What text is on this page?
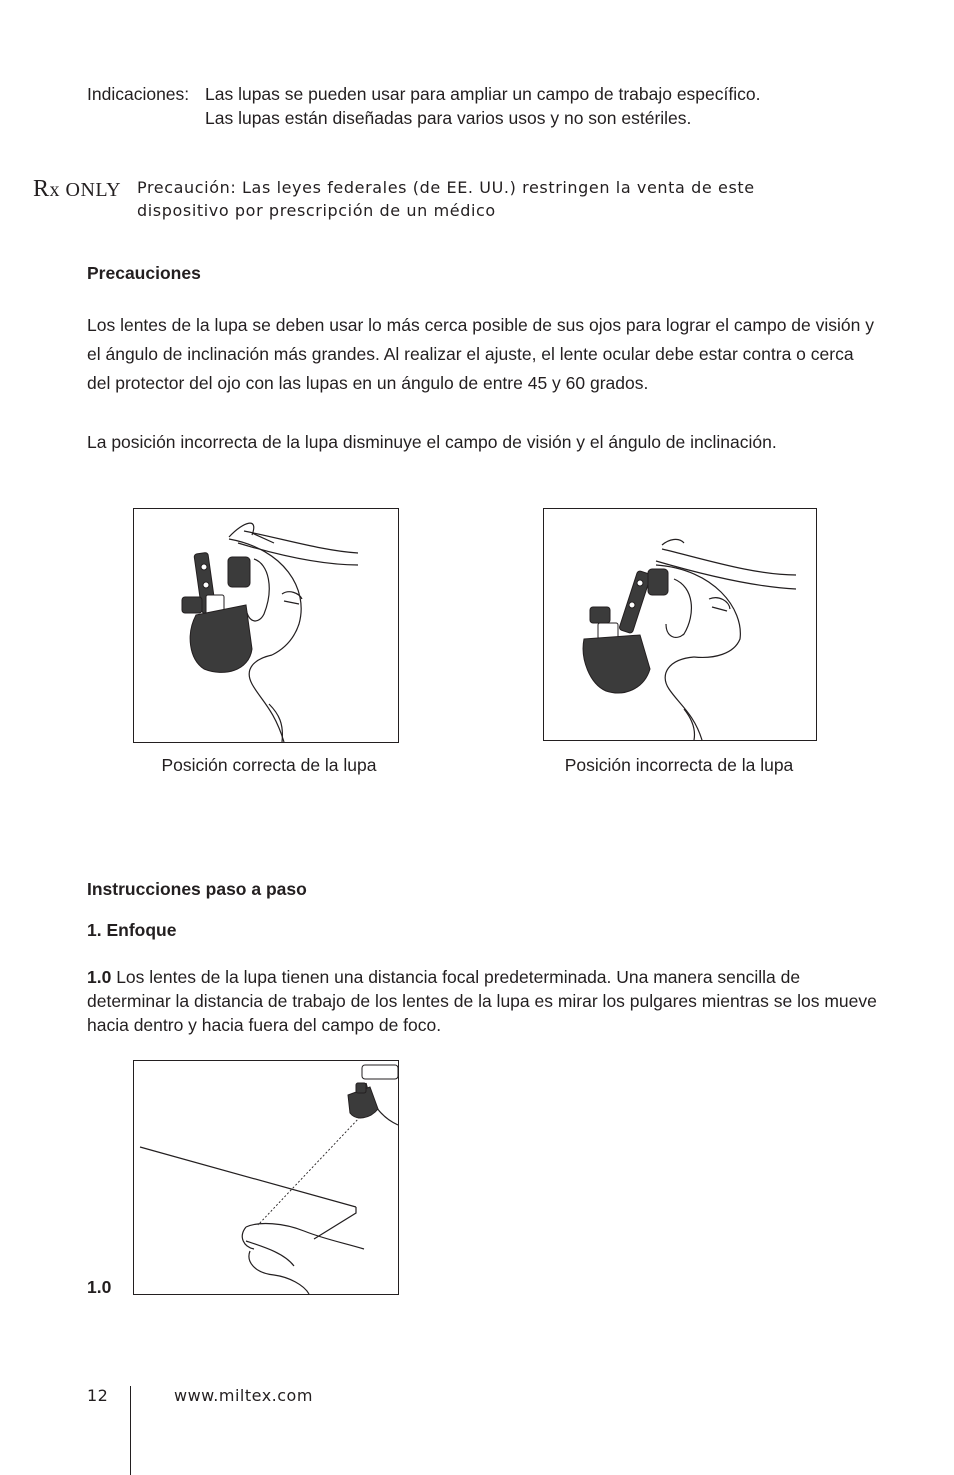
Indicaciones: Las lupas se pueden usar para ampliar un campo de trabajo específico.
Las lupas están diseñadas para varios usos y no son estériles.
Rx ONLY Precaución: Las leyes federales (de EE. UU.) restringen la venta de este
dispositivo por prescripción de un médico
Precauciones
Los lentes de la lupa se deben usar lo más cerca posible de sus ojos para lograr el campo de visión y el ángulo de inclinación más grandes. Al realizar el ajuste, el lente ocular debe estar contra o cerca del protector del ojo con las lupas en un ángulo de entre 45 y 60 grados.
La posición incorrecta de la lupa disminuye el campo de visión y el ángulo de inclinación.
Posición correcta de la lupa	Posición incorrecta de la lupa
Instrucciones paso a paso
1. Enfoque
1.0 Los lentes de la lupa tienen una distancia focal predeterminada. Una manera sencilla de determinar la distancia de trabajo de los lentes de la lupa es mirar los pulgares mientras se los mueve hacia dentro y hacia fuera del campo de foco.
1.0
12	www.miltex.com
